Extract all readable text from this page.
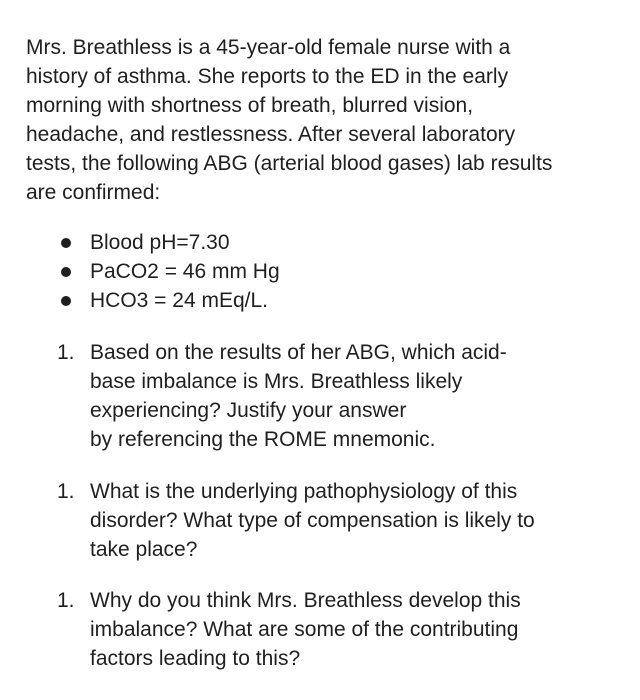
Mrs. Breathless is a 45-year-old female nurse with a
history of asthma. She reports to the ED in the early
morning with shortness of breath, blurred vision,
headache, and restlessness. After several laboratory
tests, the following ABG (arterial blood gases) lab results
are confirmed:

Blood pH=7.30
PaCO2 = 46 mm Hg
HCO3 = 24 mEq/L.
1. Based on the results of her ABG, which acid-
base imbalance is Mrs. Breathless likely
experiencing? Justify your answer
by referencing the ROME mnemonic.
1. What is the underlying pathophysiology of this
disorder? What type of compensation is likely to
take place?
1. Why do you think Mrs. Breathless develop this
imbalance? What are some of the contributing
factors leading to this?
